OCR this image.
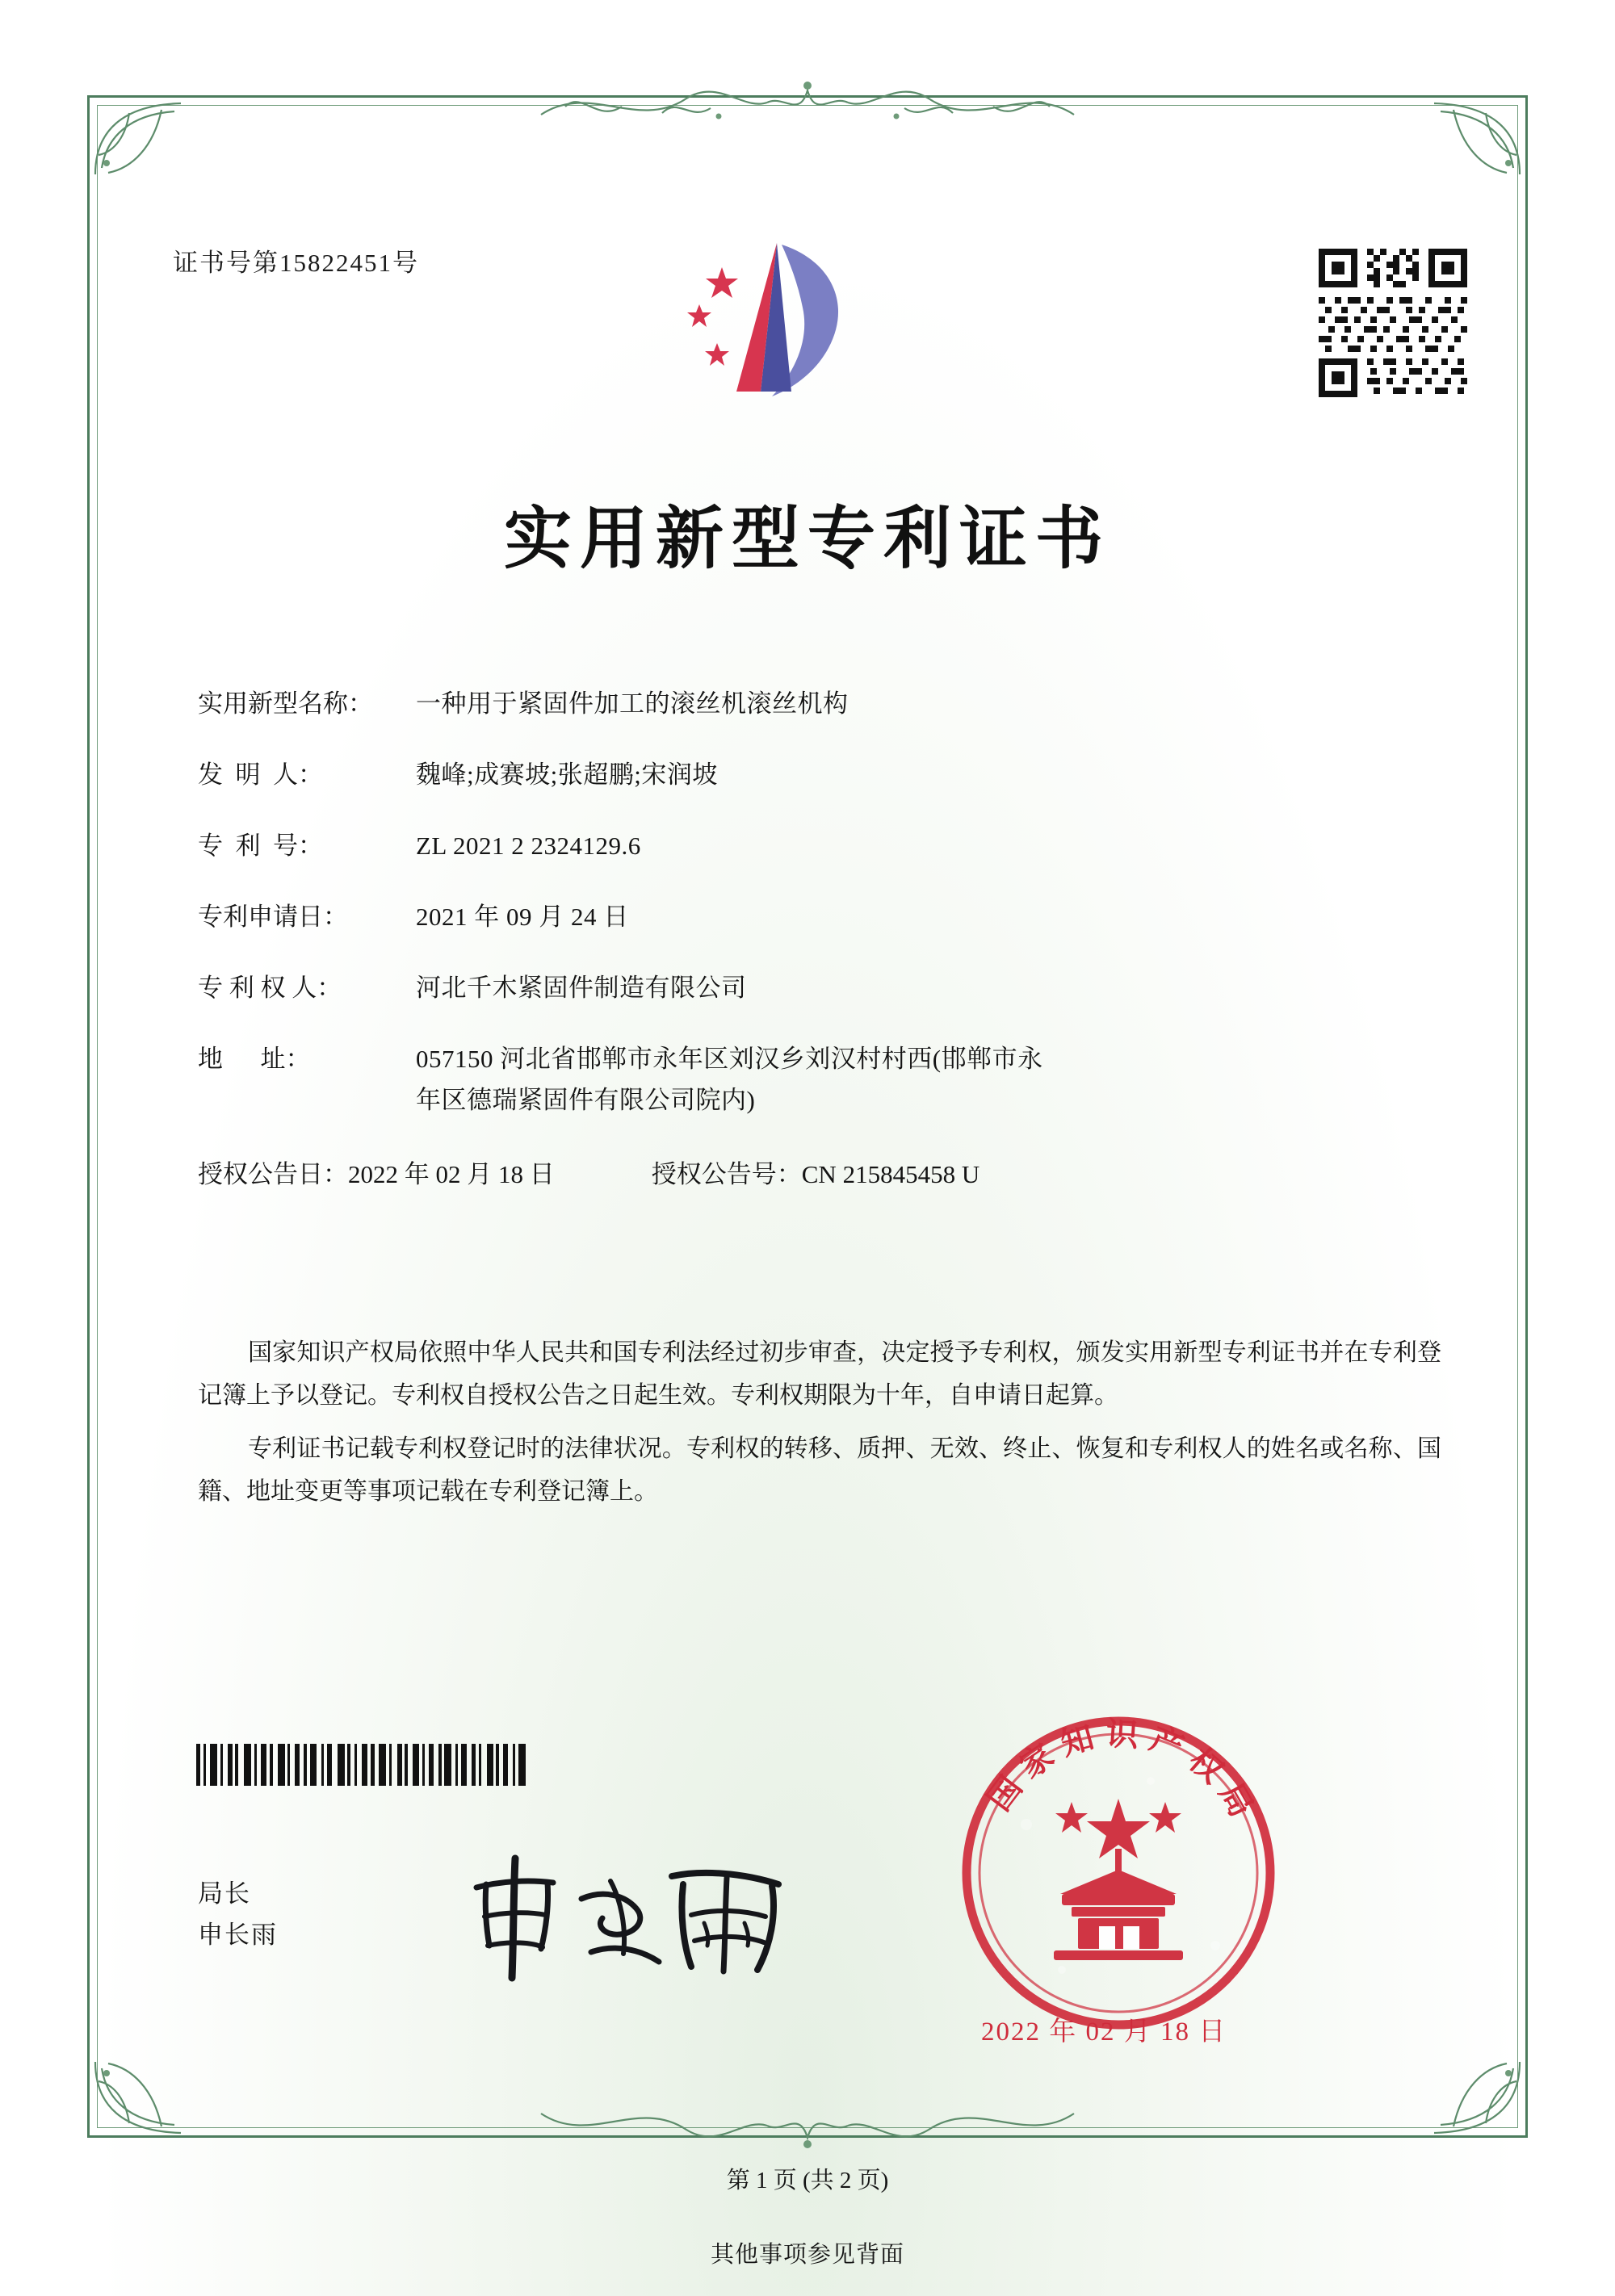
证书号第15822451号
实用新型专利证书
实用新型名称：	一种用于紧固件加工的滚丝机滚丝机构
发  明  人：	魏峰;成赛坡;张超鹏;宋润坡
专  利  号：	ZL 2021 2 2324129.6
专利申请日：	2021 年 09 月 24 日
专 利 权 人：	河北千木紧固件制造有限公司
地      址：	057150 河北省邯郸市永年区刘汉乡刘汉村村西(邯郸市永
年区德瑞紧固件有限公司院内)
授权公告日： 2022 年 02 月 18 日	授权公告号： CN 215845458 U

国家知识产权局依照中华人民共和国专利法经过初步审查，决定授予专利权，颁发实用新型专利证书并在专利登记簿上予以登记。专利权自授权公告之日起生效。专利权期限为十年，自申请日起算。

专利证书记载专利权登记时的法律状况。专利权的转移、质押、无效、终止、恢复和专利权人的姓名或名称、国籍、地址变更等事项记载在专利登记簿上。

局长
申长雨
国家知识产权局
2022 年 02 月 18 日
第 1 页 (共 2 页)
其他事项参见背面
